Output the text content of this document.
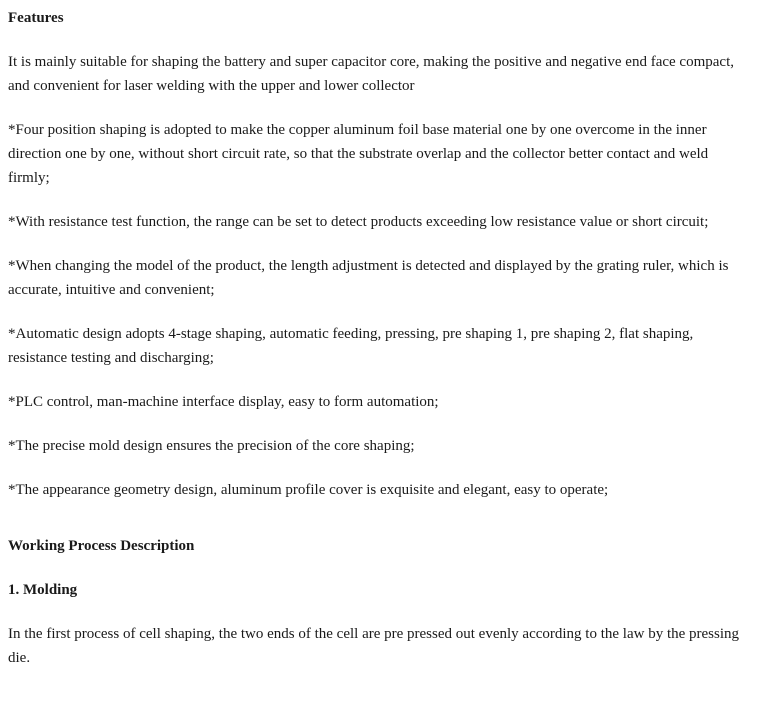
Features

It is mainly suitable for shaping the battery and super capacitor core, making the positive and negative end face compact, and convenient for laser welding with the upper and lower collector

*Four position shaping is adopted to make the copper aluminum foil base material one by one overcome in the inner direction one by one, without short circuit rate, so that the substrate overlap and the collector better contact and weld firmly;

*With resistance test function, the range can be set to detect products exceeding low resistance value or short circuit;

*When changing the model of the product, the length adjustment is detected and displayed by the grating ruler, which is accurate, intuitive and convenient;

*Automatic design adopts 4-stage shaping, automatic feeding, pressing, pre shaping 1, pre shaping 2, flat shaping, resistance testing and discharging;

*PLC control, man-machine interface display, easy to form automation;

*The precise mold design ensures the precision of the core shaping;

*The appearance geometry design, aluminum profile cover is exquisite and elegant, easy to operate;

Working Process Description
1. Molding

In the first process of cell shaping, the two ends of the cell are pre pressed out evenly according to the law by the pressing die.
